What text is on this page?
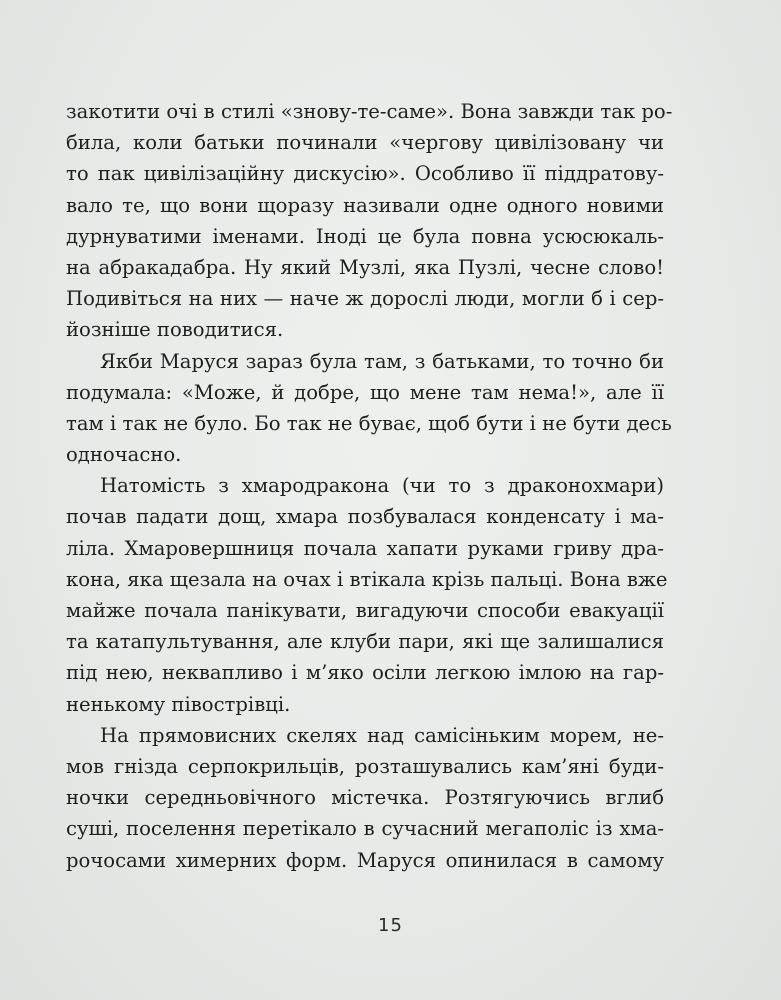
закотити очі в стилі «знову-те-саме». Вона завжди так ро-
била, коли батьки починали «чергову цивілізовану чи
то пак цивілізаційну дискусію». Особливо її піддратову-
вало те, що вони щоразу називали одне одного новими
дурнуватими іменами. Іноді це була повна усюсюкаль-
на абракадабра. Ну який Музлі, яка Пузлі, чесне слово!
Подивіться на них — наче ж дорослі люди, могли б і сер-
йозніше поводитися.
Якби Маруся зараз була там, з батьками, то точно би
подумала: «Може, й добре, що мене там нема!», але її
там і так не було. Бо так не буває, щоб бути і не бути десь
одночасно.
Натомість з хмародракона (чи то з драконохмари)
почав падати дощ, хмара позбувалася конденсату і ма-
ліла. Хмаровершниця почала хапати руками гриву дра-
кона, яка щезала на очах і втікала крізь пальці. Вона вже
майже почала панікувати, вигадуючи способи евакуації
та катапультування, але клуби пари, які ще залишалися
під нею, неквапливо і м’яко осіли легкою імлою на гар-
ненькому півострівці.
На прямовисних скелях над самісіньким морем, не-
мов гнізда серпокрильців, розташувались кам’яні буди-
ночки середньовічного містечка. Розтягуючись вглиб
суші, поселення перетікало в сучасний мегаполіс із хма-
рочосами химерних форм. Маруся опинилася в самому
15
